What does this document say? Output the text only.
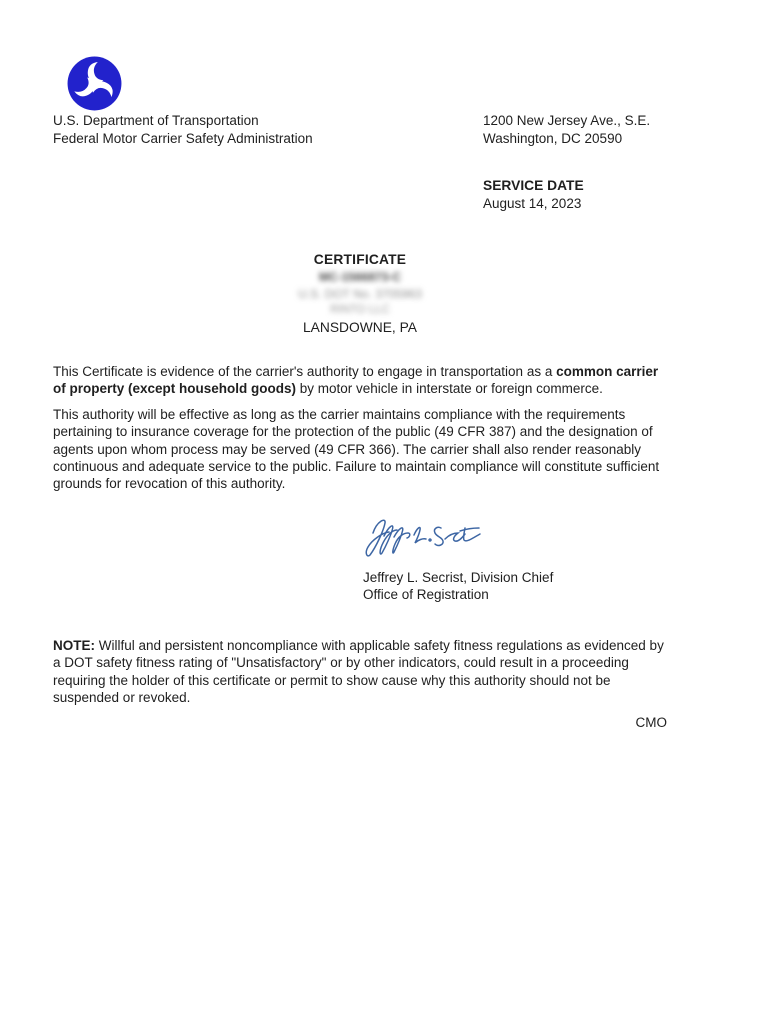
U.S. Department of Transportation
Federal Motor Carrier Safety Administration
1200 New Jersey Ave., S.E.
Washington, DC 20590
SERVICE DATE
August 14, 2023
CERTIFICATE
MC-1566873-C
U.S. DOT No. 3705963
RINTO LLC
LANSDOWNE, PA
This Certificate is evidence of the carrier's authority to engage in transportation as a common carrier of property (except household goods) by motor vehicle in interstate or foreign commerce.
This authority will be effective as long as the carrier maintains compliance with the requirements pertaining to insurance coverage for the protection of the public (49 CFR 387) and the designation of agents upon whom process may be served (49 CFR 366). The carrier shall also render reasonably continuous and adequate service to the public. Failure to maintain compliance will constitute sufficient grounds for revocation of this authority.
Jeffrey L. Secrist, Division Chief
Office of Registration
NOTE: Willful and persistent noncompliance with applicable safety fitness regulations as evidenced by a DOT safety fitness rating of "Unsatisfactory" or by other indicators, could result in a proceeding requiring the holder of this certificate or permit to show cause why this authority should not be suspended or revoked.
CMO
